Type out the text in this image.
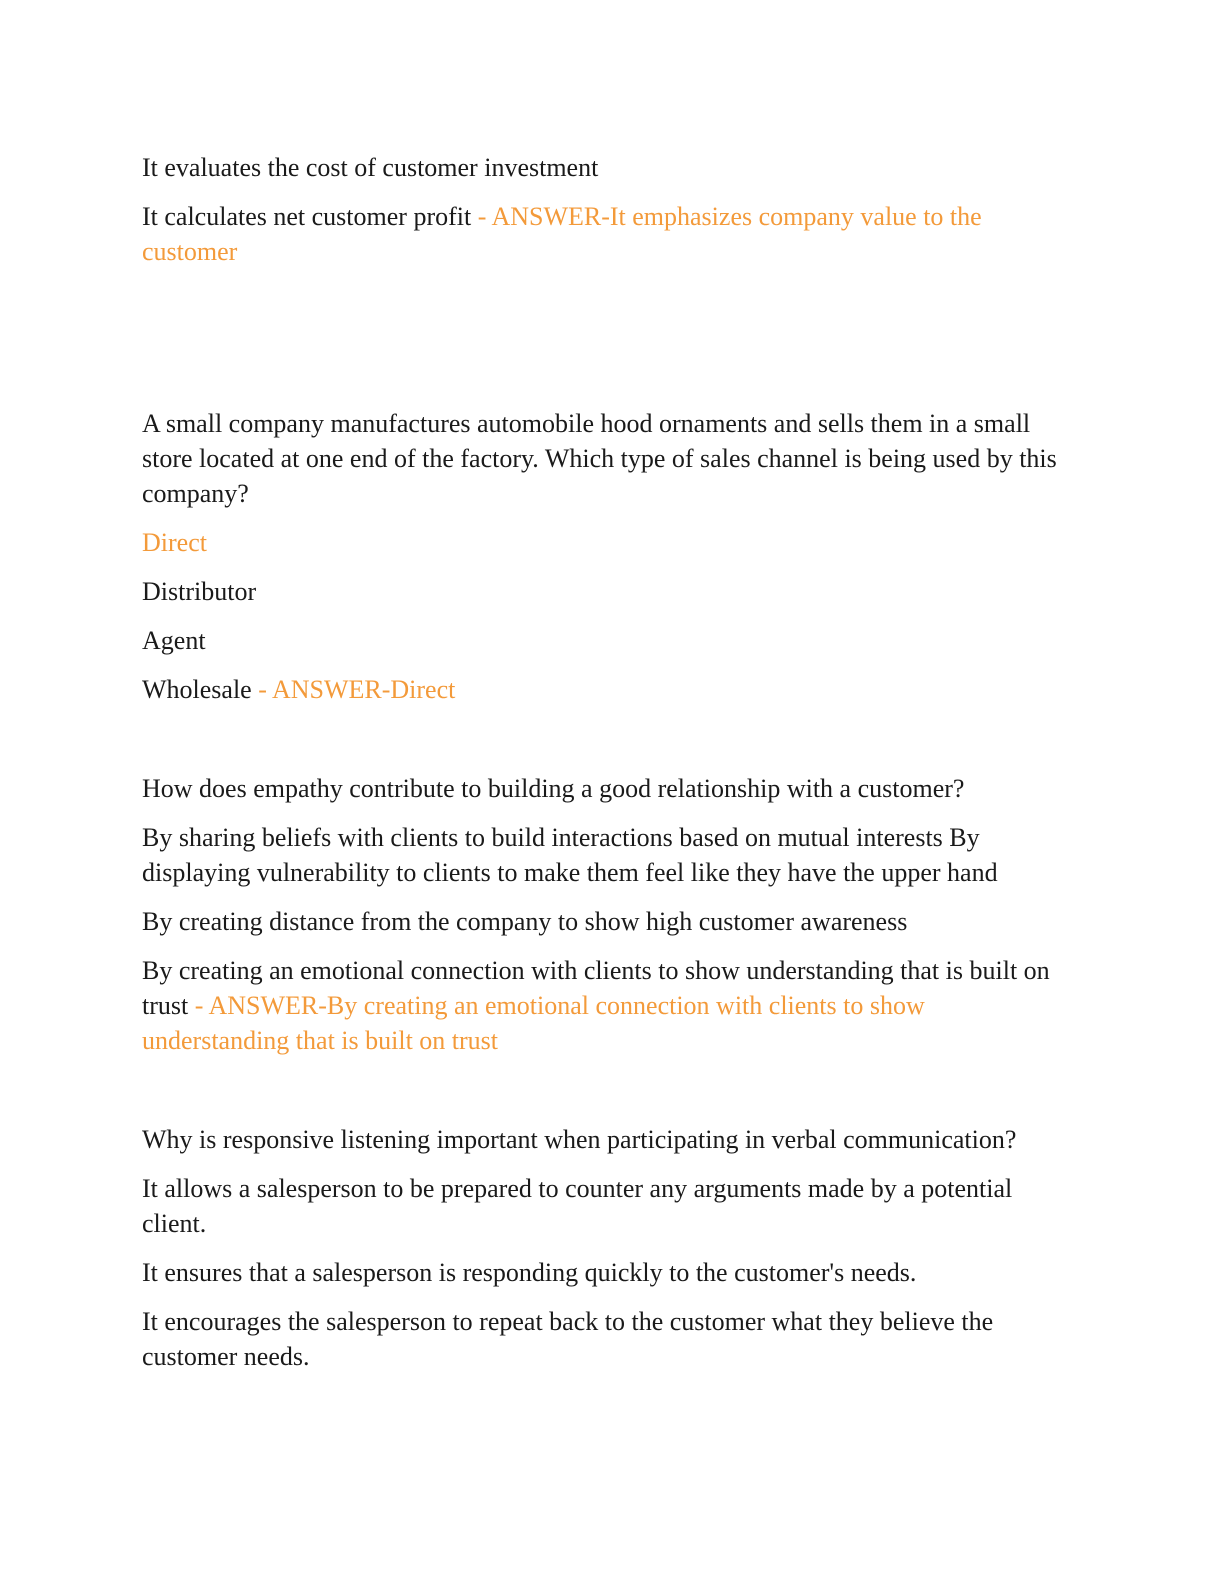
It evaluates the cost of customer investment

It calculates net customer profit - ANSWER-It emphasizes company value to the customer

A small company manufactures automobile hood ornaments and sells them in a small store located at one end of the factory. Which type of sales channel is being used by this company?

Direct

Distributor

Agent

Wholesale - ANSWER-Direct

How does empathy contribute to building a good relationship with a customer?

By sharing beliefs with clients to build interactions based on mutual interests By displaying vulnerability to clients to make them feel like they have the upper hand

By creating distance from the company to show high customer awareness

By creating an emotional connection with clients to show understanding that is built on trust - ANSWER-By creating an emotional connection with clients to show understanding that is built on trust

Why is responsive listening important when participating in verbal communication?

It allows a salesperson to be prepared to counter any arguments made by a potential client.

It ensures that a salesperson is responding quickly to the customer's needs.

It encourages the salesperson to repeat back to the customer what they believe the customer needs.
